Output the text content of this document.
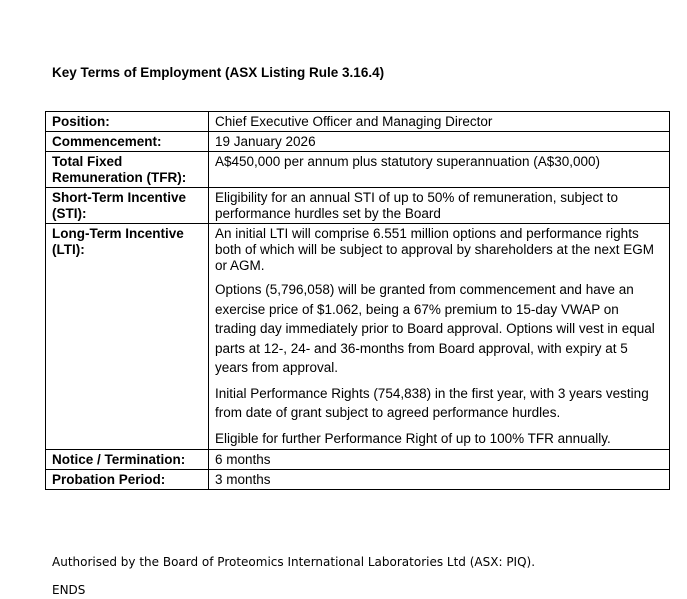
Key Terms of Employment (ASX Listing Rule 3.16.4)
Position:	Chief Executive Officer and Managing Director
Commencement:	19 January 2026
Total Fixed Remuneration (TFR):	A$450,000 per annum plus statutory superannuation (A$30,000)
Short-Term Incentive (STI):	Eligibility for an annual STI of up to 50% of remuneration, subject to performance hurdles set by the Board
Long-Term Incentive (LTI):	An initial LTI will comprise 6.551 million options and performance rights both of which will be subject to approval by shareholders at the next EGM or AGM.

Options (5,796,058) will be granted from commencement and have an exercise price of $1.062, being a 67% premium to 15-day VWAP on trading day immediately prior to Board approval. Options will vest in equal parts at 12-, 24- and 36-months from Board approval, with expiry at 5 years from approval.

Initial Performance Rights (754,838) in the first year, with 3 years vesting from date of grant subject to agreed performance hurdles.

Eligible for further Performance Right of up to 100% TFR annually.

Notice / Termination:	6 months
Probation Period:	3 months
Authorised by the Board of Proteomics International Laboratories Ltd (ASX: PIQ).
ENDS
